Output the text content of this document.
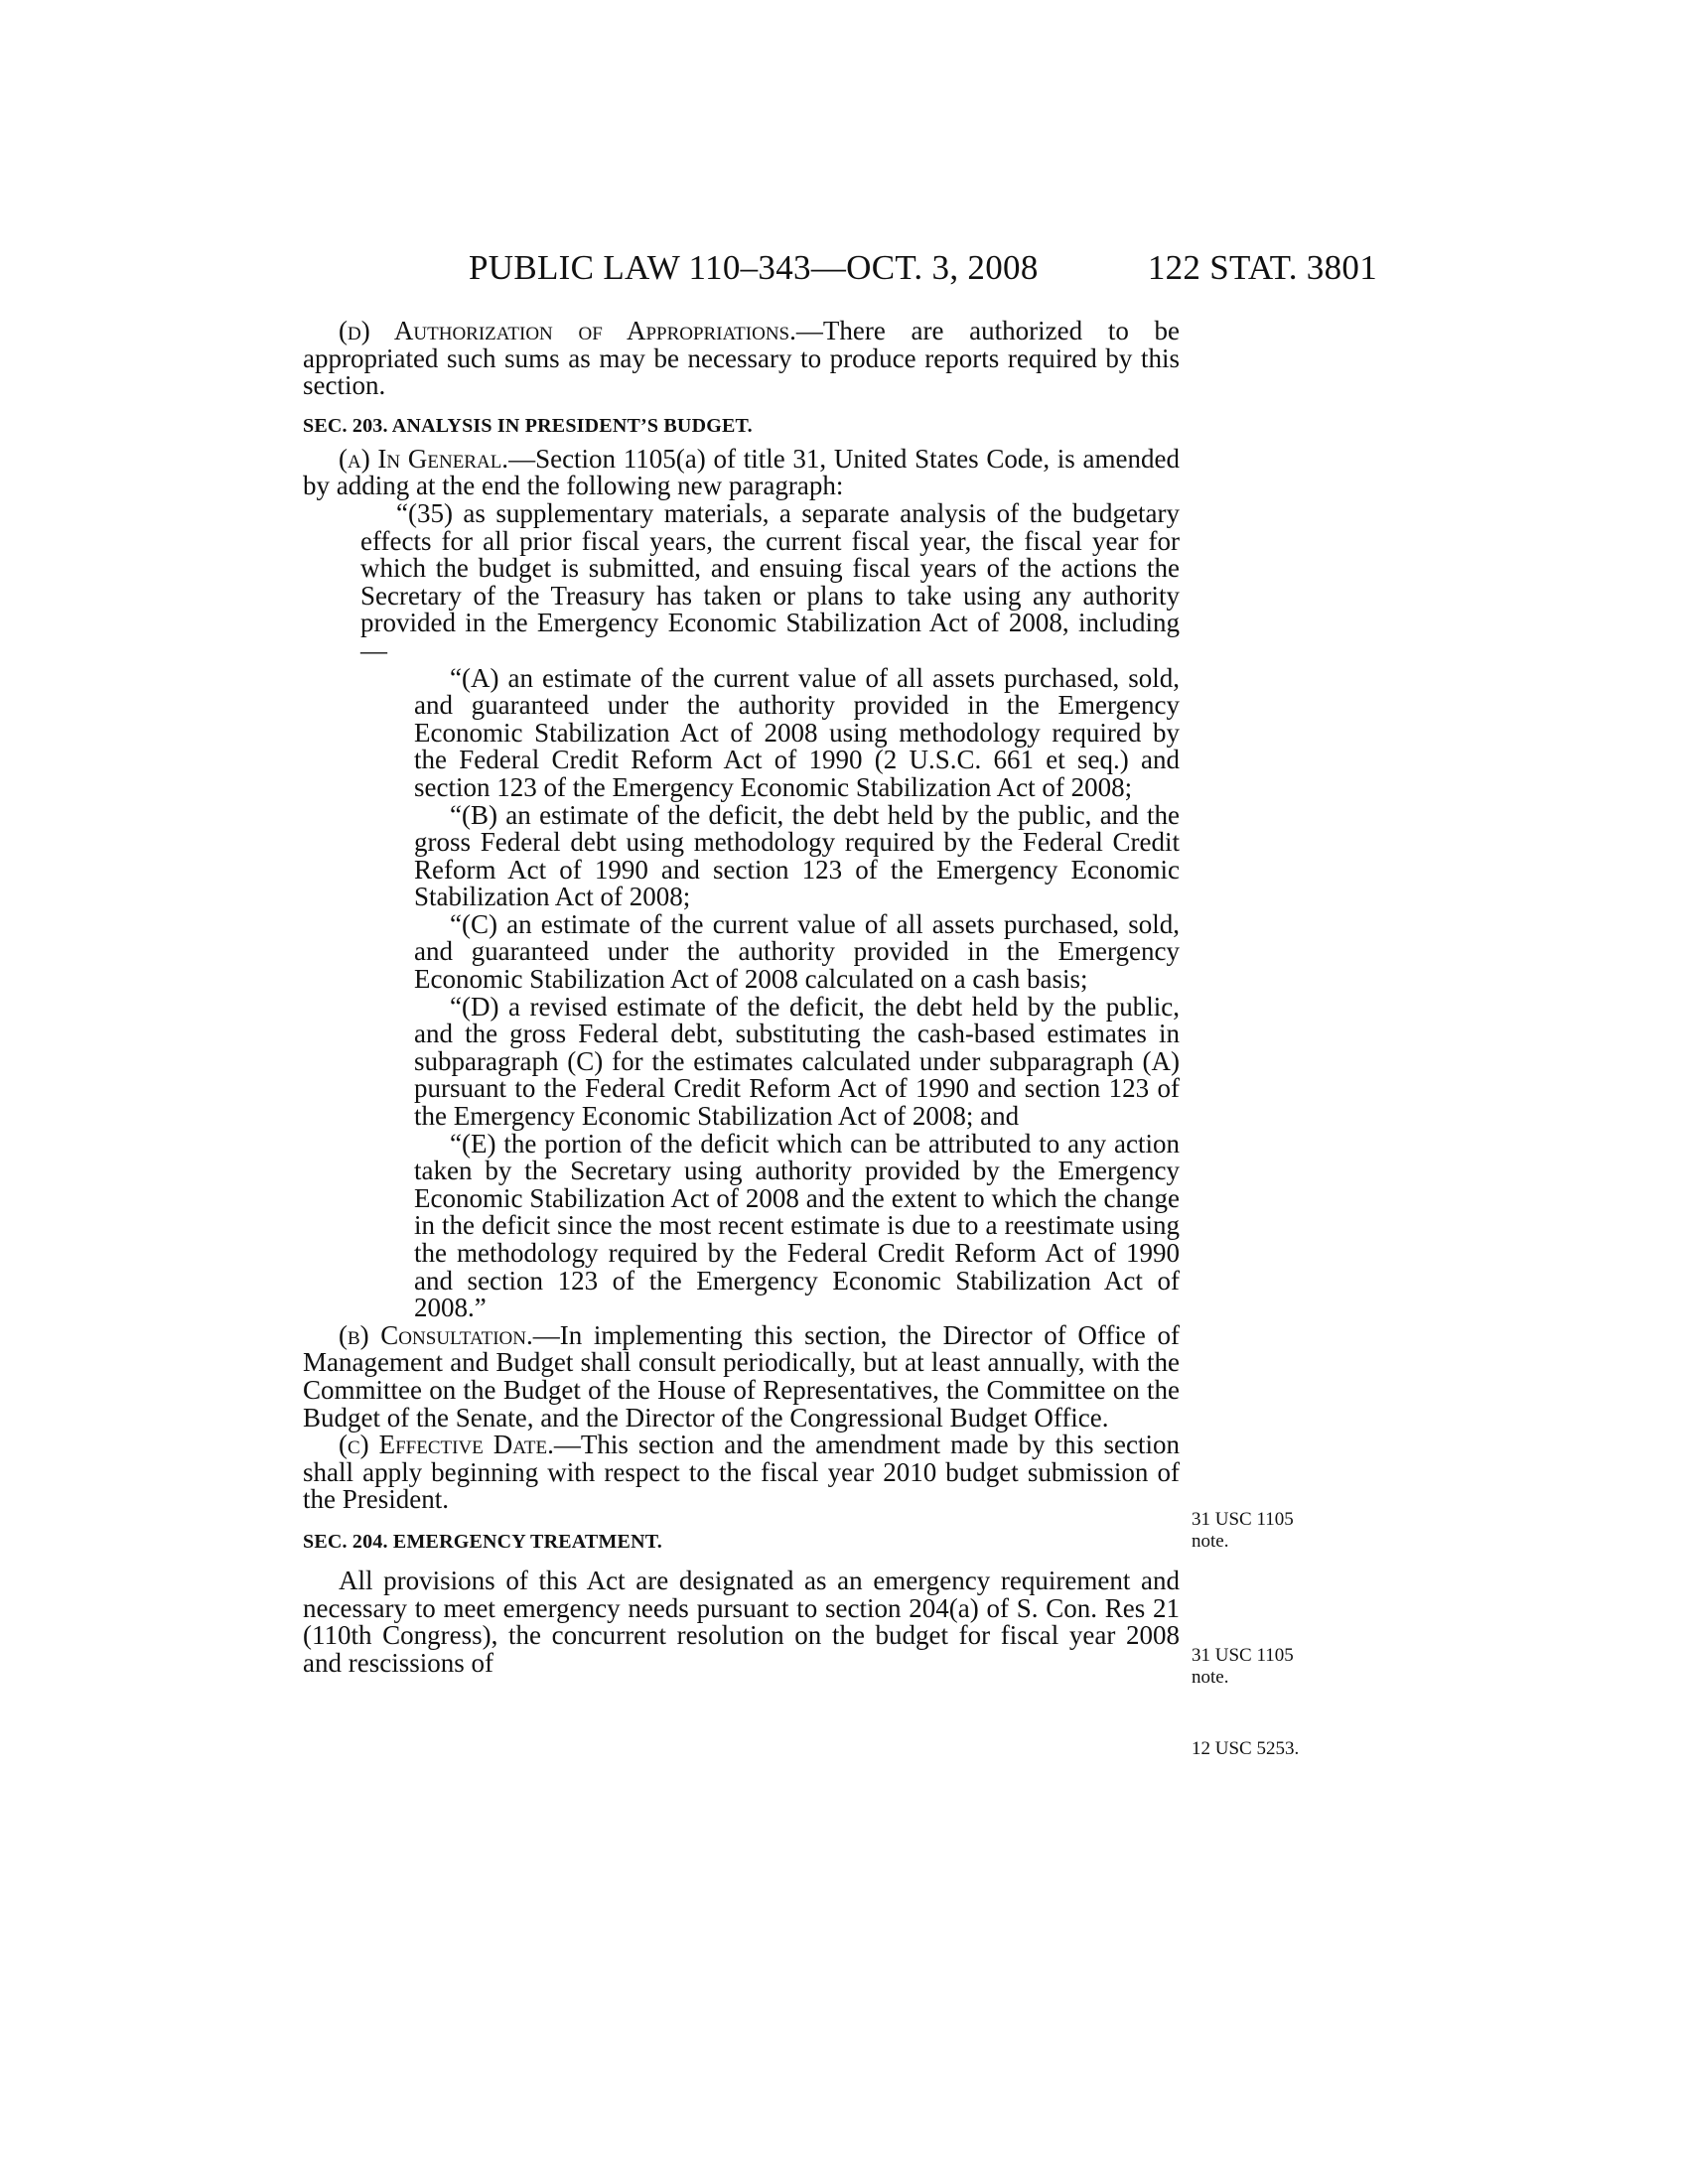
PUBLIC LAW 110–343—OCT. 3, 2008	122 STAT. 3801

(d) Authorization of Appropriations.—There are authorized to be appropriated such sums as may be necessary to produce reports required by this section.

SEC. 203. ANALYSIS IN PRESIDENT’S BUDGET.

(a) In General.—Section 1105(a) of title 31, United States Code, is amended by adding at the end the following new paragraph:

“(35) as supplementary materials, a separate analysis of the budgetary effects for all prior fiscal years, the current fiscal year, the fiscal year for which the budget is submitted, and ensuing fiscal years of the actions the Secretary of the Treasury has taken or plans to take using any authority provided in the Emergency Economic Stabilization Act of 2008, including—

“(A) an estimate of the current value of all assets purchased, sold, and guaranteed under the authority provided in the Emergency Economic Stabilization Act of 2008 using methodology required by the Federal Credit Reform Act of 1990 (2 U.S.C. 661 et seq.) and section 123 of the Emergency Economic Stabilization Act of 2008;

“(B) an estimate of the deficit, the debt held by the public, and the gross Federal debt using methodology required by the Federal Credit Reform Act of 1990 and section 123 of the Emergency Economic Stabilization Act of 2008;

“(C) an estimate of the current value of all assets purchased, sold, and guaranteed under the authority provided in the Emergency Economic Stabilization Act of 2008 calculated on a cash basis;

“(D) a revised estimate of the deficit, the debt held by the public, and the gross Federal debt, substituting the cash-based estimates in subparagraph (C) for the estimates calculated under subparagraph (A) pursuant to the Federal Credit Reform Act of 1990 and section 123 of the Emergency Economic Stabilization Act of 2008; and

“(E) the portion of the deficit which can be attributed to any action taken by the Secretary using authority provided by the Emergency Economic Stabilization Act of 2008 and the extent to which the change in the deficit since the most recent estimate is due to a reestimate using the methodology required by the Federal Credit Reform Act of 1990 and section 123 of the Emergency Economic Stabilization Act of 2008.”

(b) Consultation.—In implementing this section, the Director of Office of Management and Budget shall consult periodically, but at least annually, with the Committee on the Budget of the House of Representatives, the Committee on the Budget of the Senate, and the Director of the Congressional Budget Office.

(c) Effective Date.—This section and the amendment made by this section shall apply beginning with respect to the fiscal year 2010 budget submission of the President.

SEC. 204. EMERGENCY TREATMENT.

All provisions of this Act are designated as an emergency requirement and necessary to meet emergency needs pursuant to section 204(a) of S. Con. Res 21 (110th Congress), the concurrent resolution on the budget for fiscal year 2008 and rescissions of

31 USC 1105
note.
31 USC 1105
note.
12 USC 5253.
